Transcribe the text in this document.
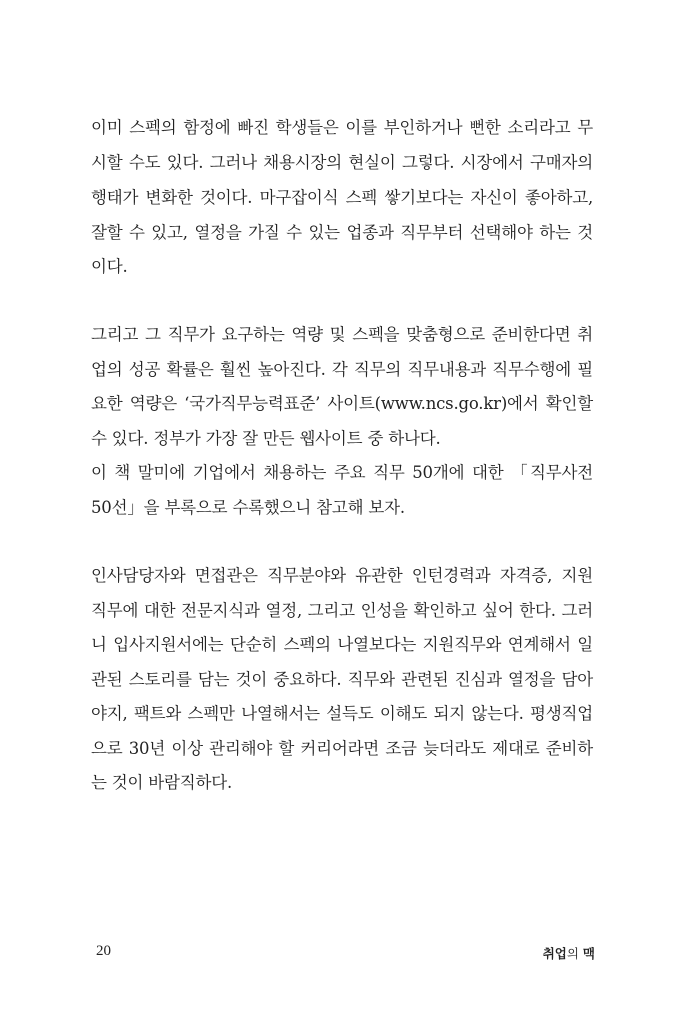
이미 스펙의 함정에 빠진 학생들은 이를 부인하거나 뻔한 소리라고 무
시할 수도 있다. 그러나 채용시장의 현실이 그렇다. 시장에서 구매자의
행태가 변화한 것이다. 마구잡이식 스펙 쌓기보다는 자신이 좋아하고,
잘할 수 있고, 열정을 가질 수 있는 업종과 직무부터 선택해야 하는 것
이다.
그리고 그 직무가 요구하는 역량 및 스펙을 맞춤형으로 준비한다면 취
업의 성공 확률은 훨씬 높아진다. 각 직무의 직무내용과 직무수행에 필
요한 역량은 ‘국가직무능력표준’ 사이트(www.ncs.go.kr)에서 확인할
수 있다. 정부가 가장 잘 만든 웹사이트 중 하나다.
이 책 말미에 기업에서 채용하는 주요 직무 50개에 대한 「직무사전
50선」을 부록으로 수록했으니 참고해 보자.
인사담당자와 면접관은 직무분야와 유관한 인턴경력과 자격증, 지원
직무에 대한 전문지식과 열정, 그리고 인성을 확인하고 싶어 한다. 그러
니 입사지원서에는 단순히 스펙의 나열보다는 지원직무와 연계해서 일
관된 스토리를 담는 것이 중요하다. 직무와 관련된 진심과 열정을 담아
야지, 팩트와 스펙만 나열해서는 설득도 이해도 되지 않는다. 평생직업
으로 30년 이상 관리해야 할 커리어라면 조금 늦더라도 제대로 준비하
는 것이 바람직하다.
20	취업의 맥
